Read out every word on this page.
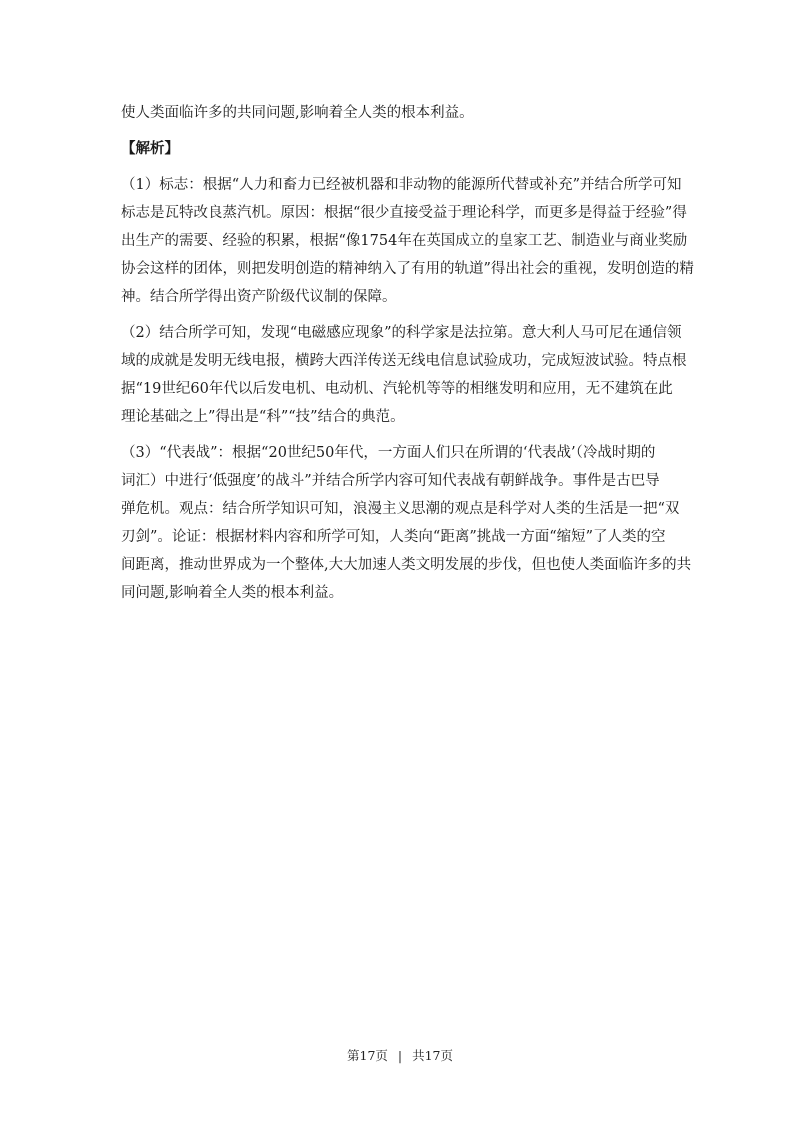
使人类面临许多的共同问题,影响着全人类的根本利益。

【解析】

（1）标志：根据“人力和畜力已经被机器和非动物的能源所代替或补充”并结合所学可知

标志是瓦特改良蒸汽机。原因：根据“很少直接受益于理论科学，而更多是得益于经验”得

出生产的需要、经验的积累，根据“像1754年在英国成立的皇家工艺、制造业与商业奖励

协会这样的团体，则把发明创造的精神纳入了有用的轨道”得出社会的重视，发明创造的精

神。结合所学得出资产阶级代议制的保障。

（2）结合所学可知，发现“电磁感应现象”的科学家是法拉第。意大利人马可尼在通信领

域的成就是发明无线电报，横跨大西洋传送无线电信息试验成功，完成短波试验。特点根

据“19世纪60年代以后发电机、电动机、汽轮机等等的相继发明和应用，无不建筑在此

理论基础之上”得出是“科”“技”结合的典范。

（3）“代表战”：根据“20世纪50年代，一方面人们只在所谓的‘代表战’（冷战时期的

词汇）中进行‘低强度’的战斗”并结合所学内容可知代表战有朝鲜战争。事件是古巴导

弹危机。观点：结合所学知识可知，浪漫主义思潮的观点是科学对人类的生活是一把“双

刃剑”。论证：根据材料内容和所学可知，人类向“距离”挑战一方面“缩短”了人类的空

间距离，推动世界成为一个整体,大大加速人类文明发展的步伐，但也使人类面临许多的共

同问题,影响着全人类的根本利益。

第17页 | 共17页
